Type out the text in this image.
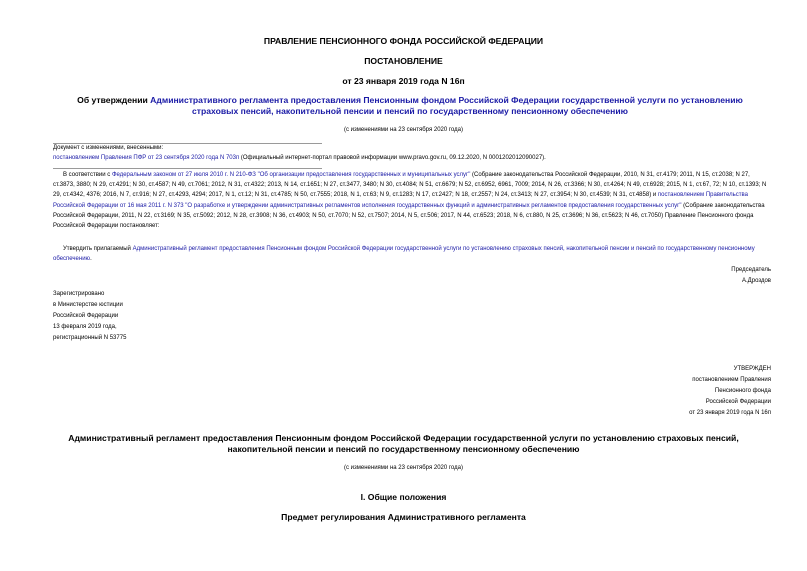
ПРАВЛЕНИЕ ПЕНСИОННОГО ФОНДА РОССИЙСКОЙ ФЕДЕРАЦИИ
ПОСТАНОВЛЕНИЕ
от 23 января 2019 года N 16п
Об утверждении Административного регламента предоставления Пенсионным фондом Российской Федерации государственной услуги по установлению страховых пенсий, накопительной пенсии и пенсий по государственному пенсионному обеспечению
(с изменениями на 23 сентября 2020 года)
Документ с изменениями, внесенными:
постановлением Правления ПФР от 23 сентября 2020 года N 703п (Официальный интернет-портал правовой информации www.pravo.gov.ru, 09.12.2020, N 0001202012090027).
В соответствии с Федеральным законом от 27 июля 2010 г. N 210-ФЗ "Об организации предоставления государственных и муниципальных услуг" (Собрание законодательства Российской Федерации, 2010, N 31, ст.4179; 2011, N 15, ст.2038; N 27, ст.3873, 3880; N 29, ст.4291; N 30, ст.4587; N 49, ст.7061; 2012, N 31, ст.4322; 2013, N 14, ст.1651; N 27, ст.3477, 3480; N 30, ст.4084; N 51, ст.6679; N 52, ст.6952, 6961, 7009; 2014, N 26, ст.3366; N 30, ст.4264; N 49, ст.6928; 2015, N 1, ст.67, 72; N 10, ст.1393; N 29, ст.4342, 4376; 2016, N 7, ст.916; N 27, ст.4293, 4294; 2017, N 1, ст.12; N 31, ст.4785; N 50, ст.7555; 2018, N 1, ст.63; N 9, ст.1283; N 17, ст.2427; N 18, ст.2557; N 24, ст.3413; N 27, ст.3954; N 30, ст.4539; N 31, ст.4858) и постановлением Правительства Российской Федерации от 16 мая 2011 г. N 373 "О разработке и утверждении административных регламентов исполнения государственных функций и административных регламентов предоставления государственных услуг" (Собрание законодательства Российской Федерации, 2011, N 22, ст.3169; N 35, ст.5092; 2012, N 28, ст.3908; N 36, ст.4903; N 50, ст.7070; N 52, ст.7507; 2014, N 5, ст.506; 2017, N 44, ст.6523; 2018, N 6, ст.880, N 25, ст.3696; N 36, ст.5623; N 46, ст.7050) Правление Пенсионного фонда Российской Федерации постановляет:
Утвердить прилагаемый Административный регламент предоставления Пенсионным фондом Российской Федерации государственной услуги по установлению страховых пенсий, накопительной пенсии и пенсий по государственному пенсионному обеспечению.
Председатель
А.Дроздов
Зарегистрировано
в Министерстве юстиции
Российской Федерации
13 февраля 2019 года,
регистрационный N 53775
УТВЕРЖДЕН
постановлением Правления
Пенсионного фонда
Российской Федерации
от 23 января 2019 года N 16п
Административный регламент предоставления Пенсионным фондом Российской Федерации государственной услуги по установлению страховых пенсий,
накопительной пенсии и пенсий по государственному пенсионному обеспечению
(с изменениями на 23 сентября 2020 года)
I. Общие положения
Предмет регулирования Административного регламента
